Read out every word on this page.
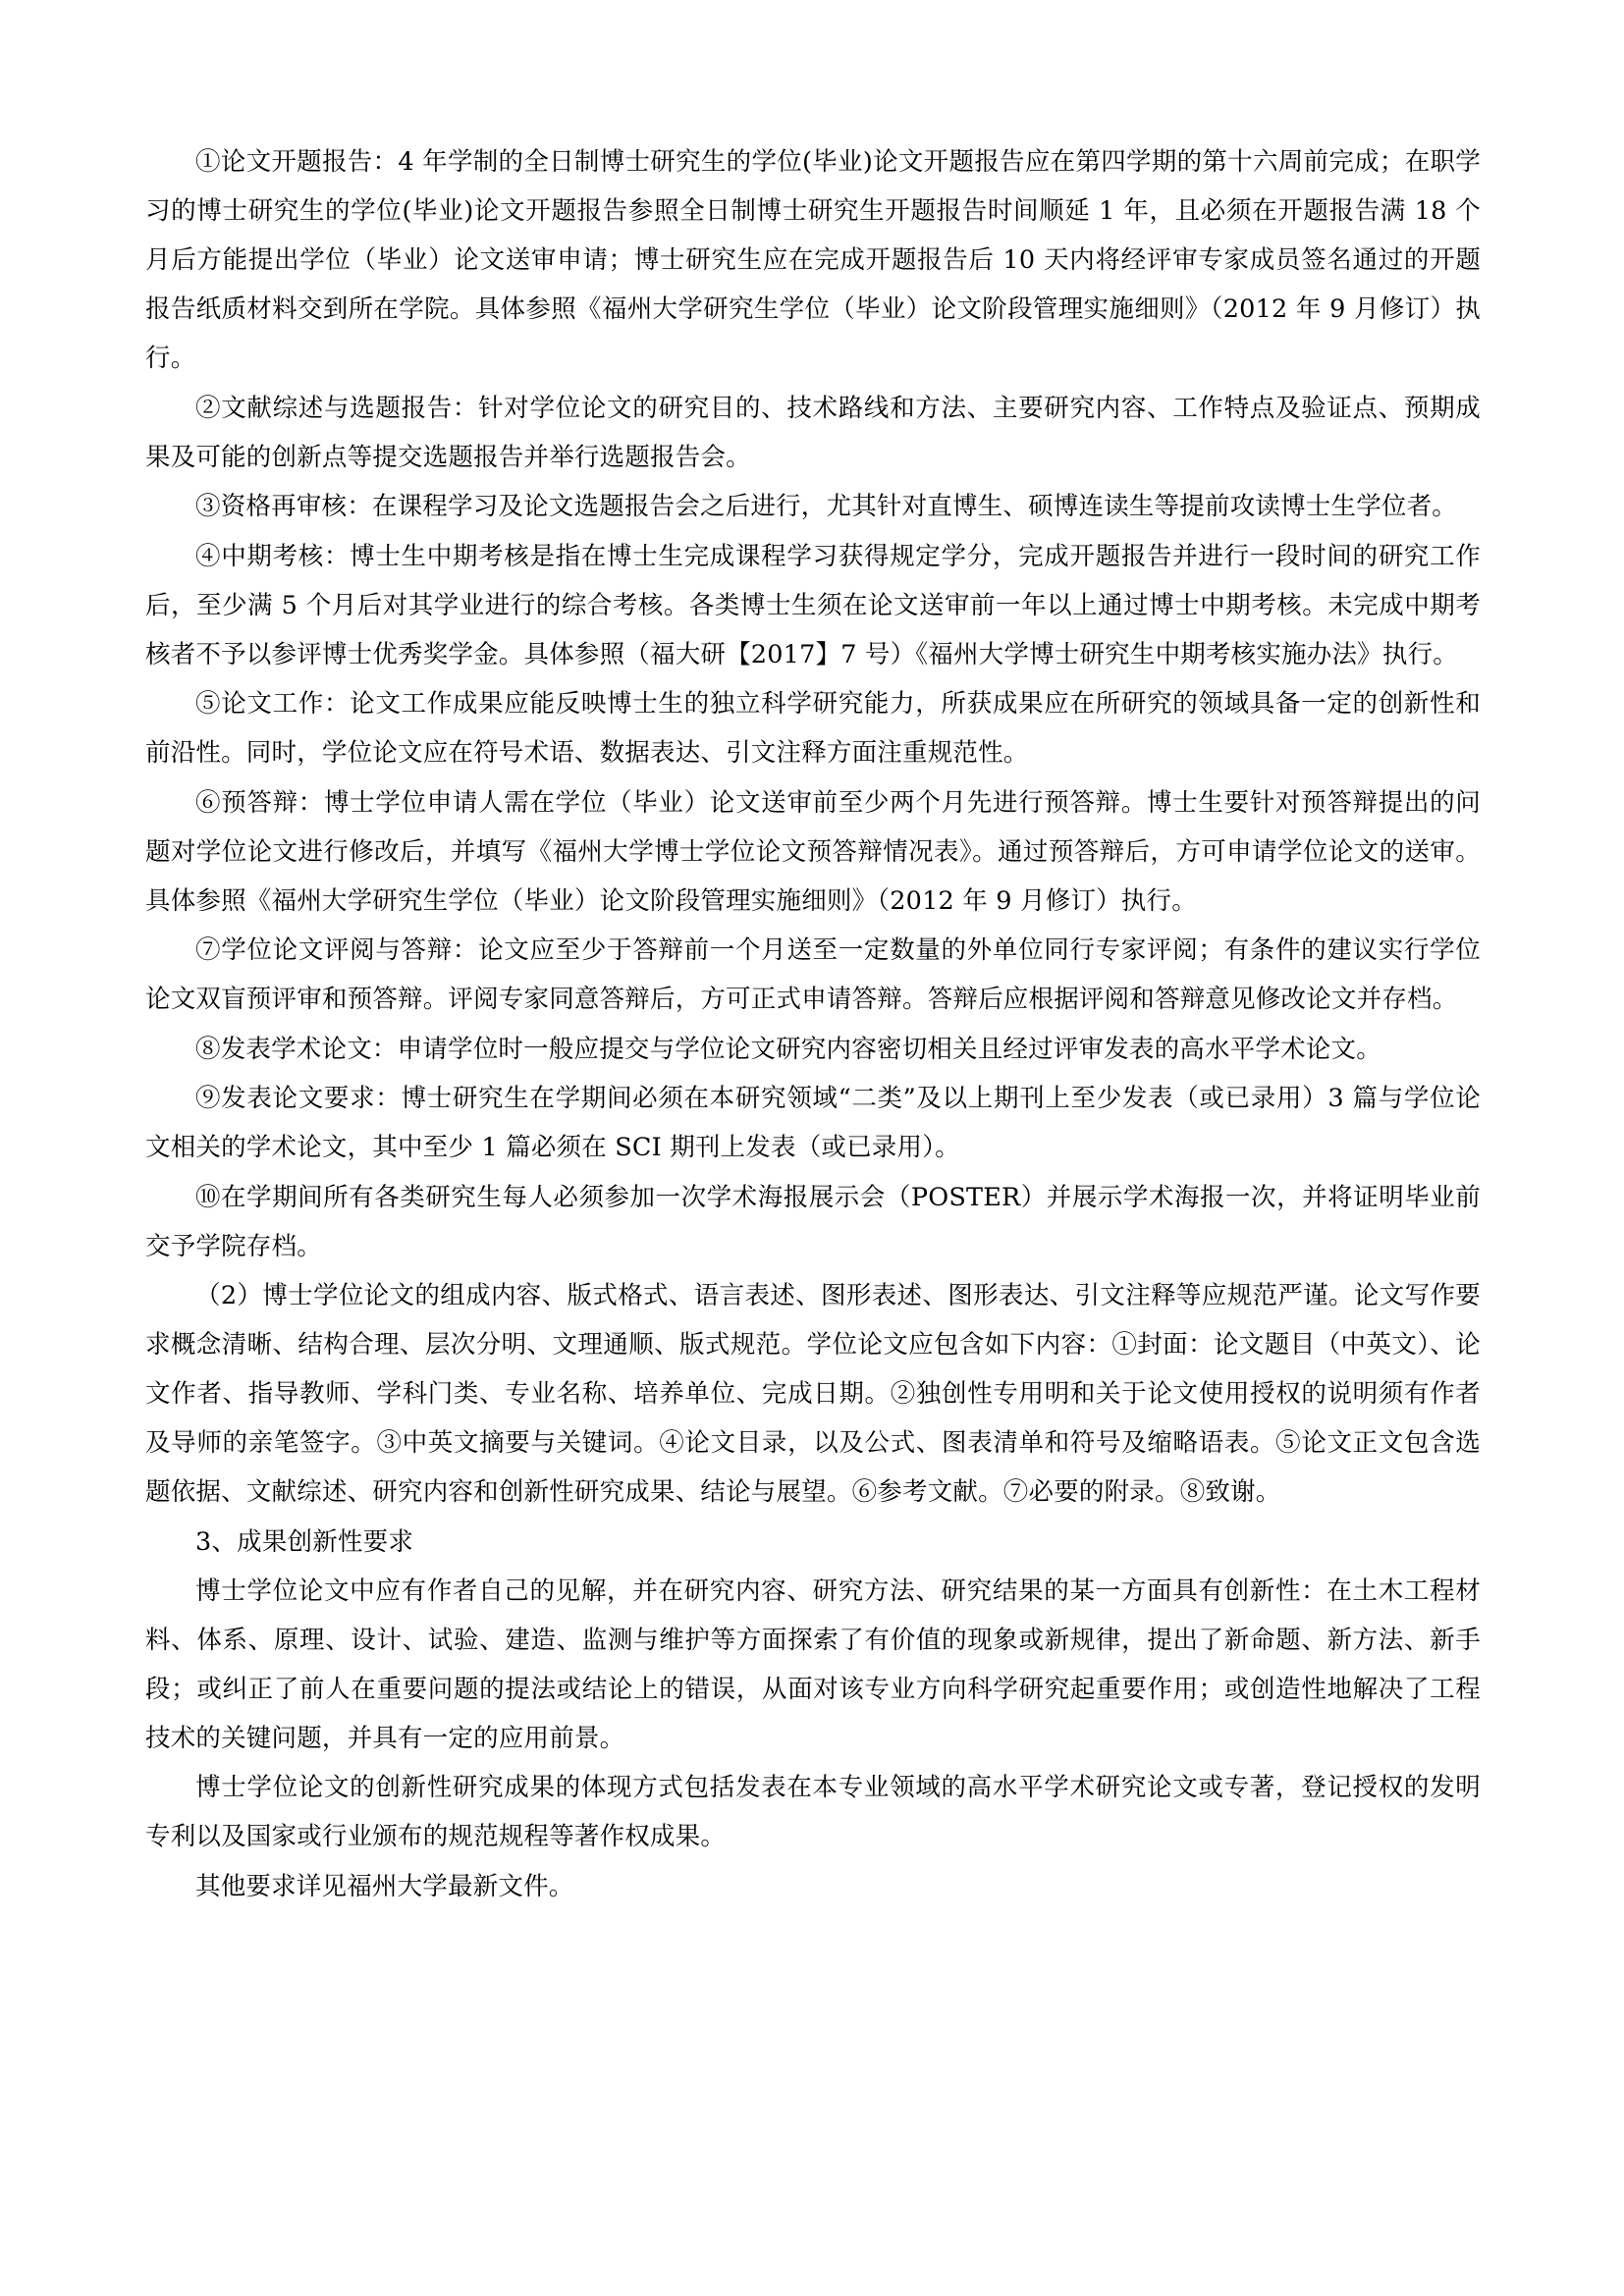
①论文开题报告：4 年学制的全日制博士研究生的学位(毕业)论文开题报告应在第四学期的第十六周前完成；在职学习的博士研究生的学位(毕业)论文开题报告参照全日制博士研究生开题报告时间顺延 1 年，且必须在开题报告满 18 个月后方能提出学位（毕业）论文送审申请；博士研究生应在完成开题报告后 10 天内将经评审专家成员签名通过的开题报告纸质材料交到所在学院。具体参照《福州大学研究生学位（毕业）论文阶段管理实施细则》（2012 年 9 月修订）执行。

②文献综述与选题报告：针对学位论文的研究目的、技术路线和方法、主要研究内容、工作特点及验证点、预期成果及可能的创新点等提交选题报告并举行选题报告会。

③资格再审核：在课程学习及论文选题报告会之后进行，尤其针对直博生、硕博连读生等提前攻读博士生学位者。

④中期考核：博士生中期考核是指在博士生完成课程学习获得规定学分，完成开题报告并进行一段时间的研究工作后，至少满 5 个月后对其学业进行的综合考核。各类博士生须在论文送审前一年以上通过博士中期考核。未完成中期考核者不予以参评博士优秀奖学金。具体参照（福大研【2017】7 号）《福州大学博士研究生中期考核实施办法》执行。

⑤论文工作：论文工作成果应能反映博士生的独立科学研究能力，所获成果应在所研究的领域具备一定的创新性和前沿性。同时，学位论文应在符号术语、数据表达、引文注释方面注重规范性。

⑥预答辩：博士学位申请人需在学位（毕业）论文送审前至少两个月先进行预答辩。博士生要针对预答辩提出的问题对学位论文进行修改后，并填写《福州大学博士学位论文预答辩情况表》。通过预答辩后，方可申请学位论文的送审。具体参照《福州大学研究生学位（毕业）论文阶段管理实施细则》（2012 年 9 月修订）执行。

⑦学位论文评阅与答辩：论文应至少于答辩前一个月送至一定数量的外单位同行专家评阅；有条件的建议实行学位论文双盲预评审和预答辩。评阅专家同意答辩后，方可正式申请答辩。答辩后应根据评阅和答辩意见修改论文并存档。

⑧发表学术论文：申请学位时一般应提交与学位论文研究内容密切相关且经过评审发表的高水平学术论文。

⑨发表论文要求：博士研究生在学期间必须在本研究领域“二类”及以上期刊上至少发表（或已录用）3 篇与学位论文相关的学术论文，其中至少 1 篇必须在 SCI 期刊上发表（或已录用）。

⑩在学期间所有各类研究生每人必须参加一次学术海报展示会（POSTER）并展示学术海报一次，并将证明毕业前交予学院存档。

（2）博士学位论文的组成内容、版式格式、语言表述、图形表述、图形表达、引文注释等应规范严谨。论文写作要求概念清晰、结构合理、层次分明、文理通顺、版式规范。学位论文应包含如下内容：①封面：论文题目（中英文）、论文作者、指导教师、学科门类、专业名称、培养单位、完成日期。②独创性专用明和关于论文使用授权的说明须有作者及导师的亲笔签字。③中英文摘要与关键词。④论文目录，以及公式、图表清单和符号及缩略语表。⑤论文正文包含选题依据、文献综述、研究内容和创新性研究成果、结论与展望。⑥参考文献。⑦必要的附录。⑧致谢。

3、成果创新性要求

博士学位论文中应有作者自己的见解，并在研究内容、研究方法、研究结果的某一方面具有创新性：在土木工程材料、体系、原理、设计、试验、建造、监测与维护等方面探索了有价值的现象或新规律，提出了新命题、新方法、新手段；或纠正了前人在重要问题的提法或结论上的错误，从面对该专业方向科学研究起重要作用；或创造性地解决了工程技术的关键问题，并具有一定的应用前景。

博士学位论文的创新性研究成果的体现方式包括发表在本专业领域的高水平学术研究论文或专著，登记授权的发明专利以及国家或行业颁布的规范规程等著作权成果。

其他要求详见福州大学最新文件。
